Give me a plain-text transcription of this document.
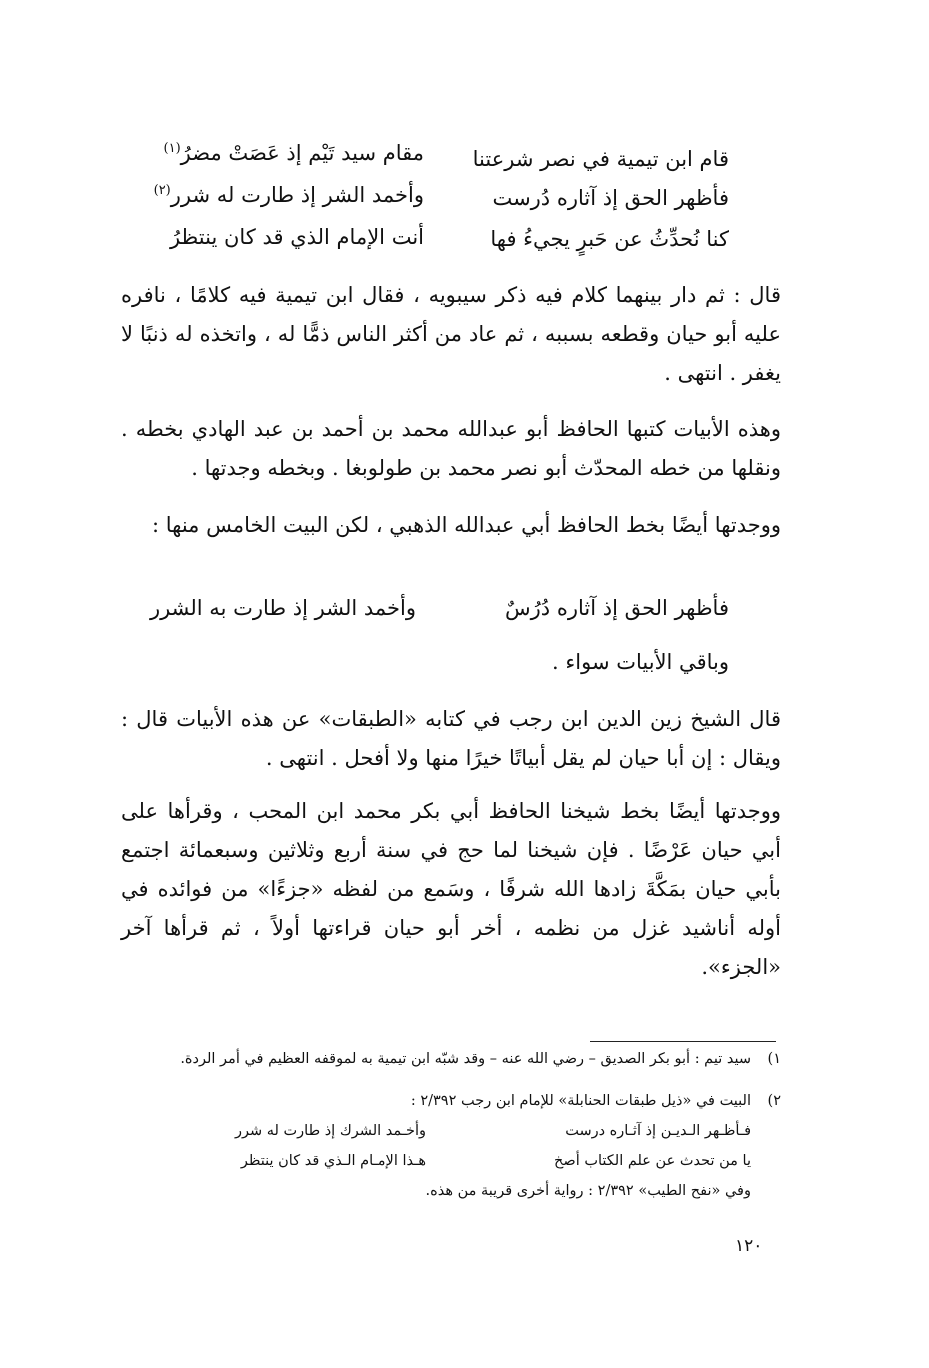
قام ابن تيمية في نصر شرعتنا
مقام سيد تَيْم إذ عَصَتْ مضرُ$^{(١)}$
فأظهر الحق إذ آثاره دُرست
وأخمد الشر إذ طارت له شرر$^{(٢)}$
كنا نُحدِّثُ عن حَبرٍ يجيءُ فها
أنت الإمام الذي قد كان ينتظرُ
قال : ثم دار بينهما كلام فيه ذكر سيبويه ، فقال ابن تيمية فيه كلامًا ، نافره عليه أبو حيان وقطعه بسببه ، ثم عاد من أكثر الناس ذمًّا له ، واتخذه له ذنبًا لا يغفر . انتهى .
وهذه الأبيات كتبها الحافظ أبو عبدالله محمد بن أحمد بن عبد الهادي بخطه . ونقلها من خطه المحدّث أبو نصر محمد بن طولوبغا . وبخطه وجدتها .
ووجدتها أيضًا بخط الحافظ أبي عبدالله الذهبي ، لكن البيت الخامس منها :
فأظهر الحق إذ آثاره دُرُسٌ
وأخمد الشر إذ طارت به الشرر
وباقي الأبيات سواء .
قال الشيخ زين الدين ابن رجب في كتابه «الطبقات» عن هذه الأبيات قال : ويقال : إن أبا حيان لم يقل أبياتًا خيرًا منها ولا أفحل . انتهى .
ووجدتها أيضًا بخط شيخنا الحافظ أبي بكر محمد ابن المحب ، وقرأها على أبي حيان عَرْضًا . فإن شيخنا لما حج في سنة أربع وثلاثين وسبعمائة اجتمع بأبي حيان بمَكَّةَ زادها الله شرفًا ، وسَمع من لفظه «جزءًا» من فوائده في أوله أناشيد غزل من نظمه ، أخر أبو حيان قراءتها أولاً ، ثم قرأها آخر «الجزء».
١)سيد تيم : أبو بكر الصديق – رضي الله عنه – وقد شبّه ابن تيمية به لموقفه العظيم في أمر الردة.
٢)البيت في «ذيل طبقات الحنابلة» للإمام ابن رجب ٢/٣٩٢ :
فـأظـهر الـديـن إذ آثـاره درست
وأخـمد الشرك إذ طارت له شرر
يا من تحدث عن علم الكتاب أصخ
هـذا الإمـام الـذي قد كان ينتظر
وفي «نفح الطيب» ٢/٣٩٢ : رواية أخرى قريبة من هذه.
١٢٠
